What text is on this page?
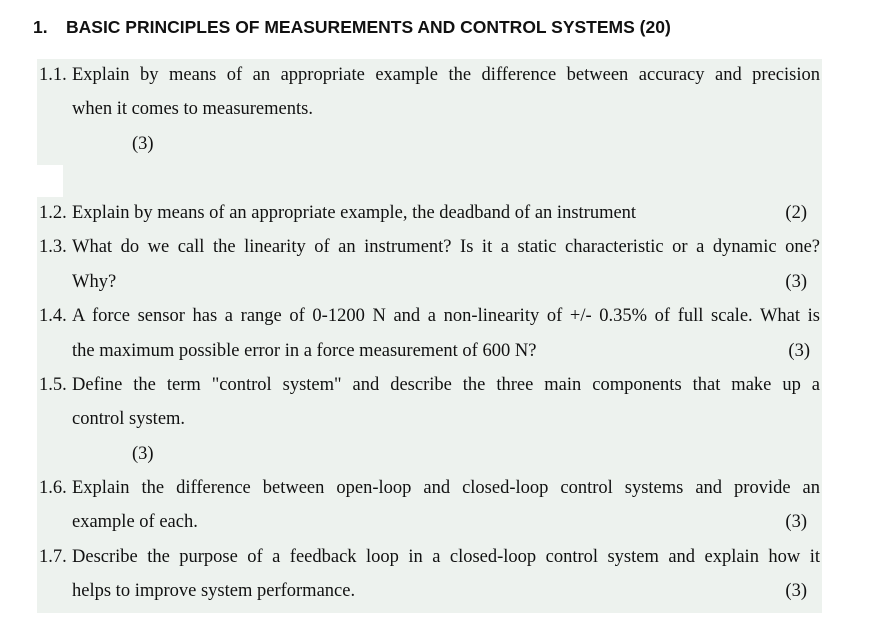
1. BASIC PRINCIPLES OF MEASUREMENTS AND CONTROL SYSTEMS (20)
1.1. Explain by means of an appropriate example the difference between accuracy and precision
when it comes to measurements.
(3)
1.2. Explain by means of an appropriate example, the deadband of an instrument	(2)
1.3. What do we call the linearity of an instrument? Is it a static characteristic or a dynamic one?
Why?	(3)
1.4. A force sensor has a range of 0-1200 N and a non-linearity of +/- 0.35% of full scale. What is
the maximum possible error in a force measurement of 600 N?	(3)
1.5. Define the term "control system" and describe the three main components that make up a
control system.
(3)
1.6. Explain the difference between open-loop and closed-loop control systems and provide an
example of each.	(3)
1.7. Describe the purpose of a feedback loop in a closed-loop control system and explain how it
helps to improve system performance.	(3)
